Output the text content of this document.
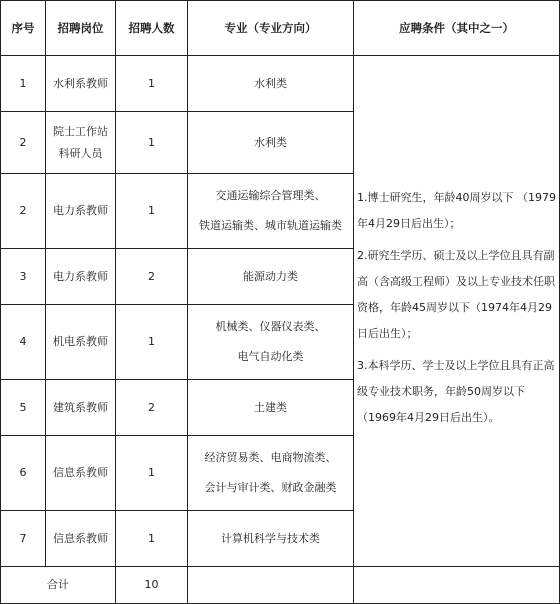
序号	招聘岗位	招聘人数	专业（专业方向）	应聘条件（其中之一）
1	水利系教师	1	水利类	1.博士研究生，年龄40周岁以下 （1979年4月29日后出生）；

2.研究生学历、硕士及以上学位且具有副高（含高级工程师）及以上专业技术任职资格，年龄45周岁以下（1974年4月29日后出生）；

3.本科学历、学士及以上学位且具有正高级专业技术职务，年龄50周岁以下（1969年4月29日后出生）。

2	院士工作站科研人员	1	水利类	
2	电力系教师	1	交通运输综合管理类、
铁道运输类、城市轨道运输类	

3	电力系教师	2	能源动力类	
4	机电系教师	1	机械类、仪器仪表类、
电气自动化类	

5	建筑系教师	2	土建类	
6	信息系教师	1	经济贸易类、电商物流类、
会计与审计类、财政金融类	

7	信息系教师	1	计算机科学与技术类	
合计		10		
